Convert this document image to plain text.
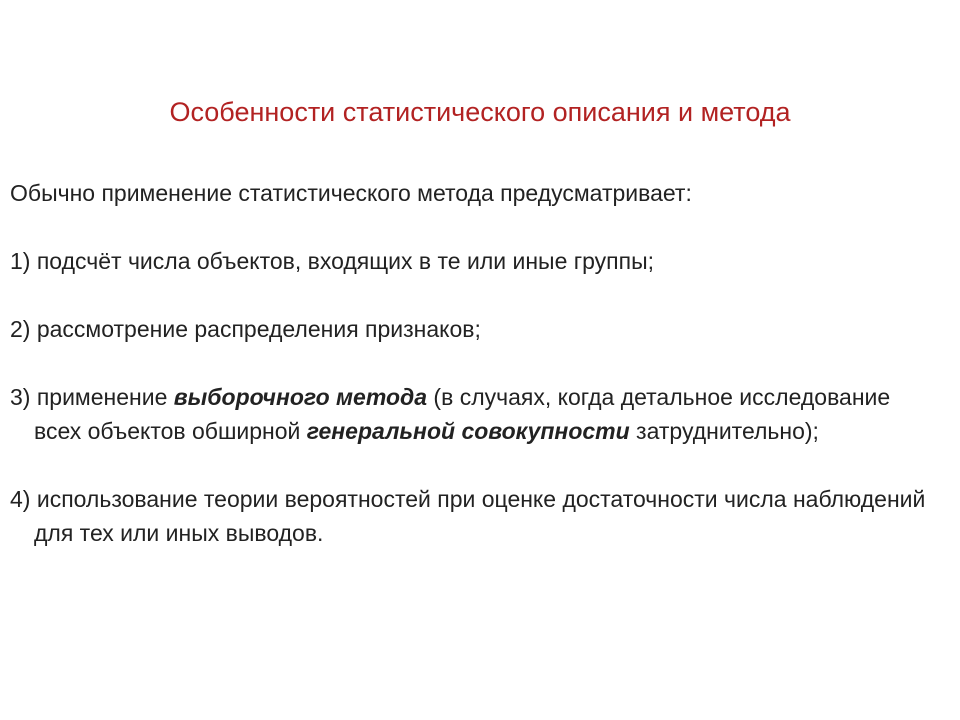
Особенности статистического описания и метода

Обычно применение статистического метода предусматривает:

1) подсчёт числа объектов, входящих в те или иные группы;

2) рассмотрение распределения признаков;

3) применение выборочного метода (в случаях, когда детальное исследование всех объектов обширной генеральной совокупности затруднительно);

4) использование теории вероятностей при оценке достаточности числа наблюдений для тех или иных выводов.
